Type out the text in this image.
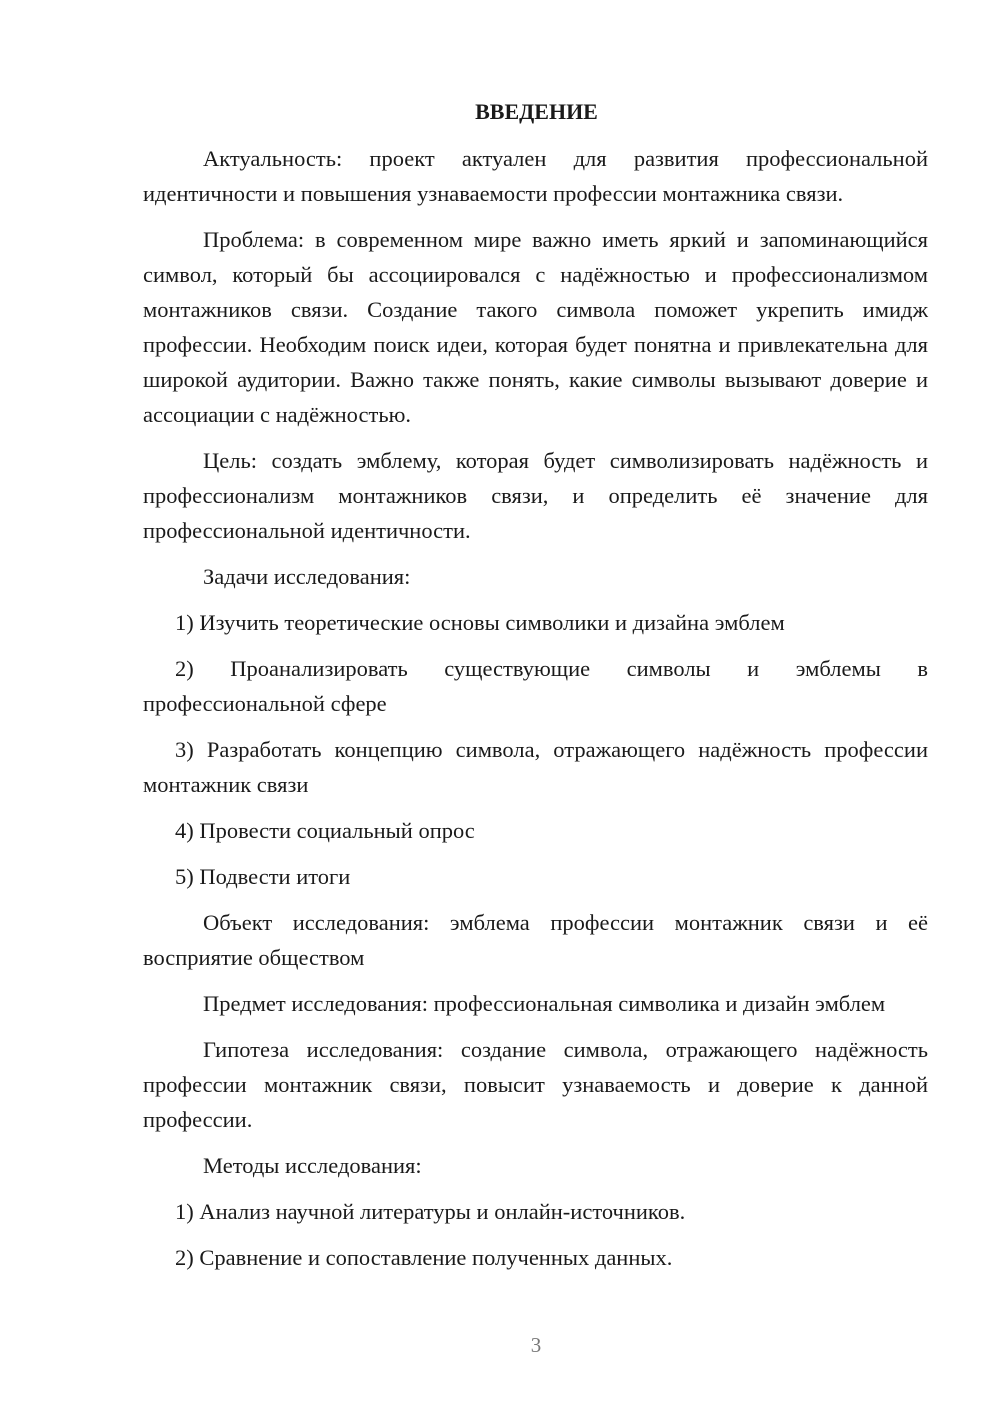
ВВЕДЕНИЕ

Актуальность: проект актуален для развития профессиональной идентичности и повышения узнаваемости профессии монтажника связи.

Проблема: в современном мире важно иметь яркий и запоминающийся символ, который бы ассоциировался с надёжностью и профессионализмом монтажников связи. Создание такого символа поможет укрепить имидж профессии. Необходим поиск идеи, которая будет понятна и привлекательна для широкой аудитории. Важно также понять, какие символы вызывают доверие и ассоциации с надёжностью.

Цель: создать эмблему, которая будет символизировать надёжность и профессионализм монтажников связи, и определить её значение для профессиональной идентичности.

Задачи исследования:

1) Изучить теоретические основы символики и дизайна эмблем

2) Проанализировать существующие символы и эмблемы в профессиональной сфере

3) Разработать концепцию символа, отражающего надёжность профессии монтажник связи

4) Провести социальный опрос

5) Подвести итоги

Объект исследования: эмблема профессии монтажник связи и её восприятие обществом

Предмет исследования: профессиональная символика и дизайн эмблем

Гипотеза исследования: создание символа, отражающего надёжность профессии монтажник связи, повысит узнаваемость и доверие к данной профессии.

Методы исследования:

1) Анализ научной литературы и онлайн-источников.

2) Сравнение и сопоставление полученных данных.

3
